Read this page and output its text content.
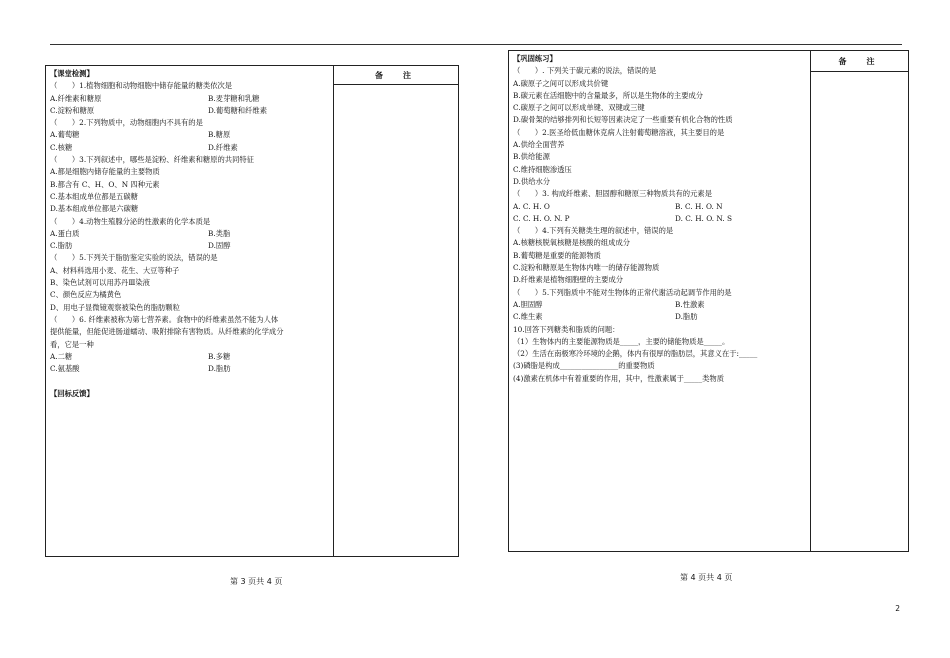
【课堂检测】
（　　）1.植物细胞和动物细胞中储存能量的糖类依次是
A.纤维素和糖原	B.麦芽糖和乳糖
C.淀粉和糖原	D.葡萄糖和纤维素
（　　）2.下列物质中，动物细胞内不具有的是
A.葡萄糖	B.糖原
C.核糖	D.纤维素
（　　）3.下列叙述中，哪些是淀粉、纤维素和糖原的共同特征
A.都是细胞内储存能量的主要物质
B.都含有 C、H、O、N 四种元素
C.基本组成单位都是五碳糖
D.基本组成单位都是六碳糖
（　　）4.动物生殖腺分泌的性激素的化学本质是
A.蛋白质	B.类脂
C.脂肪	D.固醇
（　　）5.下列关于脂肪鉴定实验的说法，错误的是
A、材料科选用小麦、花生、大豆等种子
B、染色试剂可以用苏丹Ⅲ染液
C、颜色反应为橘黄色
D、用电子显微镜观察被染色的脂肪颗粒
（　　）6. 纤维素被称为第七营养素。食物中的纤维素虽然不能为人体
提供能量，但能促进肠道蠕动、吸附排除有害物质。从纤维素的化学成分
看，它是一种
A.二糖	B.多糖
C.氨基酸	D.脂肪
【回标反馈】
备　注
第 3 页共 4 页
【巩固练习】
（　　）. 下列关于碳元素的说法，错误的是
A.碳原子之间可以形成共价键
B.碳元素在活细胞中的含量最多，所以是生物体的主要成分
C.碳原子之间可以形成单键、双键或三键
D.碳骨架的结够排列和长短等因素决定了一些重要有机化合物的性质
（　　）2.医圣给低血糖休克病人注射葡萄糖溶液，其主要目的是
A.供给全面营养
B.供给能源
C.维持细胞渗透压
D.供给水分
（　　）3. 构成纤维素、胆固醇和糖原三种物质共有的元素是
A. C. H. O	B. C. H. O. N
C. C. H. O. N. P	D. C. H. O. N. S
（　　）4.下列有关糖类生理的叙述中，错误的是
A.核糖核脱氧核糖是核酸的组成成分
B.葡萄糖是重要的能源物质
C.淀粉和糖原是生物体内唯一的储存能源物质
D.纤维素是植物细胞壁的主要成分
（　　）5.下列脂质中不能对生物体的正常代谢活动起调节作用的是
A.胆固醇	B.性激素
C.维生素	D.脂肪
10.回答下列糖类和脂质的问题：
（1）生物体内的主要能源物质是_____，主要的储能物质是_____。
（2）生活在南极寒冷环境的企鹅，体内有很厚的脂肪层，其意义在于:_____
(3)磷脂是构成________________的重要物质
(4)激素在机体中有着重要的作用，其中，性激素属于_____类物质
备　注
第 4 页共 4 页
2
